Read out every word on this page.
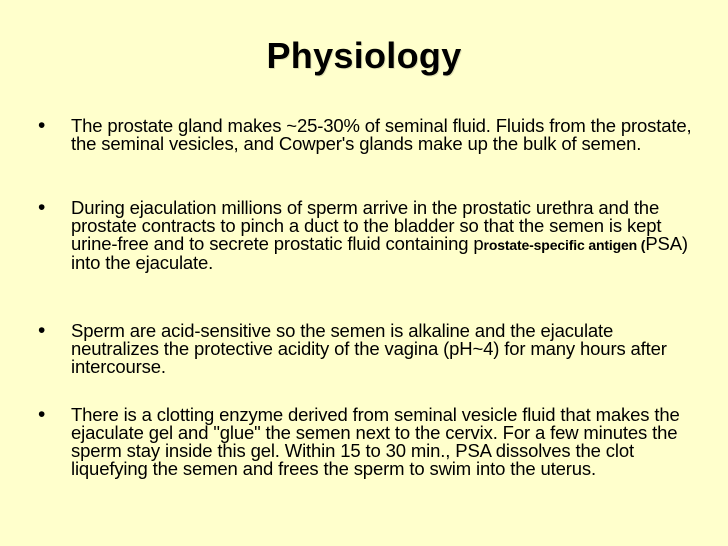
Physiology
• The prostate gland makes ~25-30% of seminal fluid. Fluids from the prostate, the seminal vesicles, and Cowper's glands make up the bulk of semen.
• During ejaculation millions of sperm arrive in the prostatic urethra and the prostate contracts to pinch a duct to the bladder so that the semen is kept urine-free and to secrete prostatic fluid containing prostate-specific antigen (PSA) into the ejaculate.
• Sperm are acid-sensitive so the semen is alkaline and the ejaculate neutralizes the protective acidity of the vagina (pH~4) for many hours after intercourse.
• There is a clotting enzyme derived from seminal vesicle fluid that makes the ejaculate gel and "glue" the semen next to the cervix. For a few minutes the sperm stay inside this gel. Within 15 to 30 min., PSA dissolves the clot liquefying the semen and frees the sperm to swim into the uterus.
